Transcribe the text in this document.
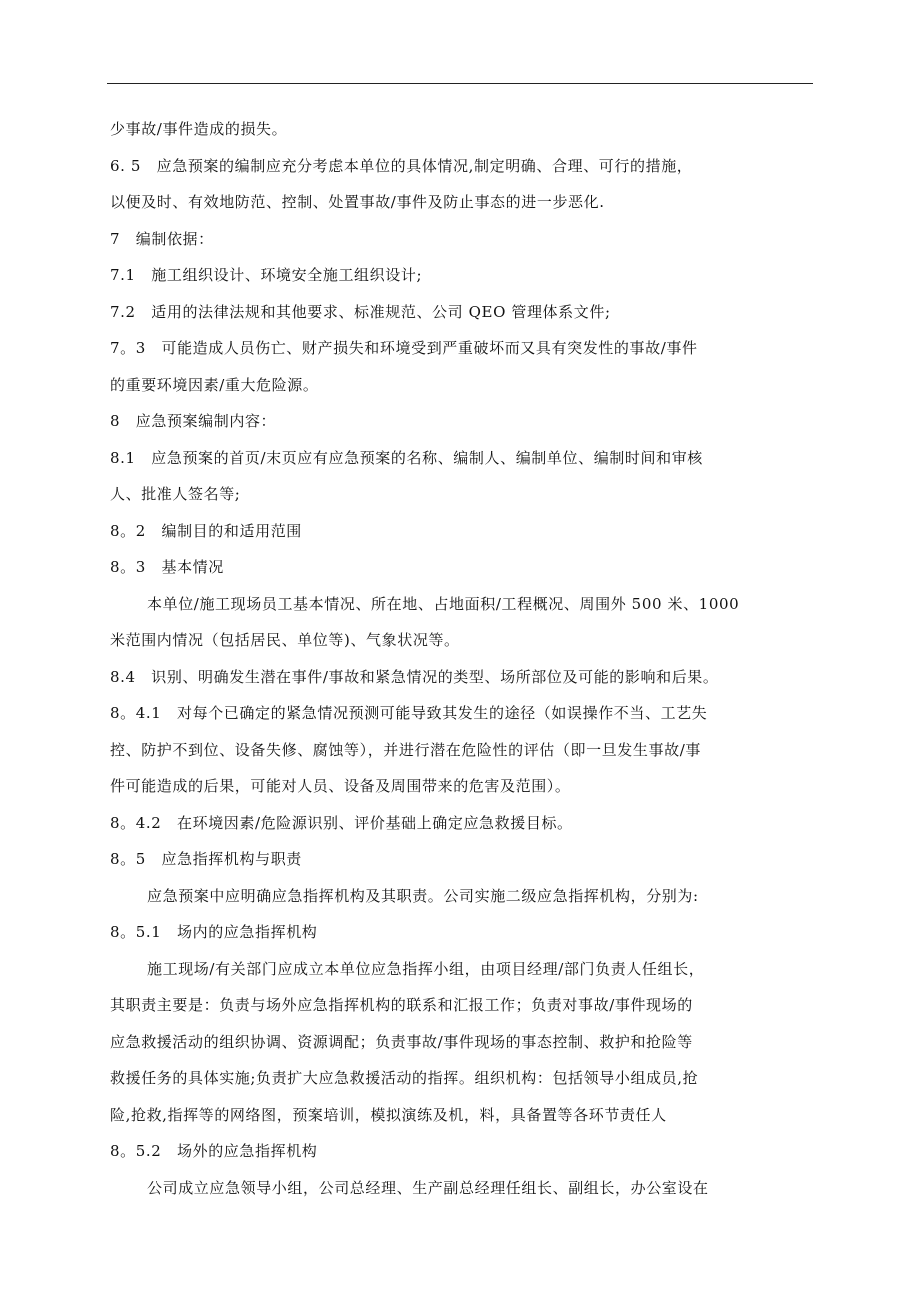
少事故/事件造成的损失。
6. 5　应急预案的编制应充分考虑本单位的具体情况,制定明确、合理、可行的措施，
以便及时、有效地防范、控制、处置事故/事件及防止事态的进一步恶化.
7　编制依据：
7.1　施工组织设计、环境安全施工组织设计;
7.2　适用的法律法规和其他要求、标准规范、公司 QEO 管理体系文件;
7。3　可能造成人员伤亡、财产损失和环境受到严重破坏而又具有突发性的事故/事件
的重要环境因素/重大危险源。
8　应急预案编制内容：
8.1　应急预案的首页/末页应有应急预案的名称、编制人、编制单位、编制时间和审核
人、批准人签名等;
8。2　编制目的和适用范围
8。3　基本情况
本单位/施工现场员工基本情况、所在地、占地面积/工程概况、周围外 500 米、1000
米范围内情况（包括居民、单位等)、气象状况等。
8.4　识别、明确发生潜在事件/事故和紧急情况的类型、场所部位及可能的影响和后果。
8。4.1　对每个已确定的紧急情况预测可能导致其发生的途径（如误操作不当、工艺失
控、防护不到位、设备失修、腐蚀等），并进行潜在危险性的评估（即一旦发生事故/事
件可能造成的后果，可能对人员、设备及周围带来的危害及范围）。
8。4.2　在环境因素/危险源识别、评价基础上确定应急救援目标。
8。5　应急指挥机构与职责
应急预案中应明确应急指挥机构及其职责。公司实施二级应急指挥机构，分别为:
8。5.1　场内的应急指挥机构
施工现场/有关部门应成立本单位应急指挥小组，由项目经理/部门负责人任组长，
其职责主要是：负责与场外应急指挥机构的联系和汇报工作；负责对事故/事件现场的
应急救援活动的组织协调、资源调配；负责事故/事件现场的事态控制、救护和抢险等
救援任务的具体实施;负责扩大应急救援活动的指挥。组织机构：包括领导小组成员,抢
险,抢救,指挥等的网络图，预案培训，模拟演练及机，料，具备置等各环节责任人
8。5.2　场外的应急指挥机构
公司成立应急领导小组，公司总经理、生产副总经理任组长、副组长，办公室设在
